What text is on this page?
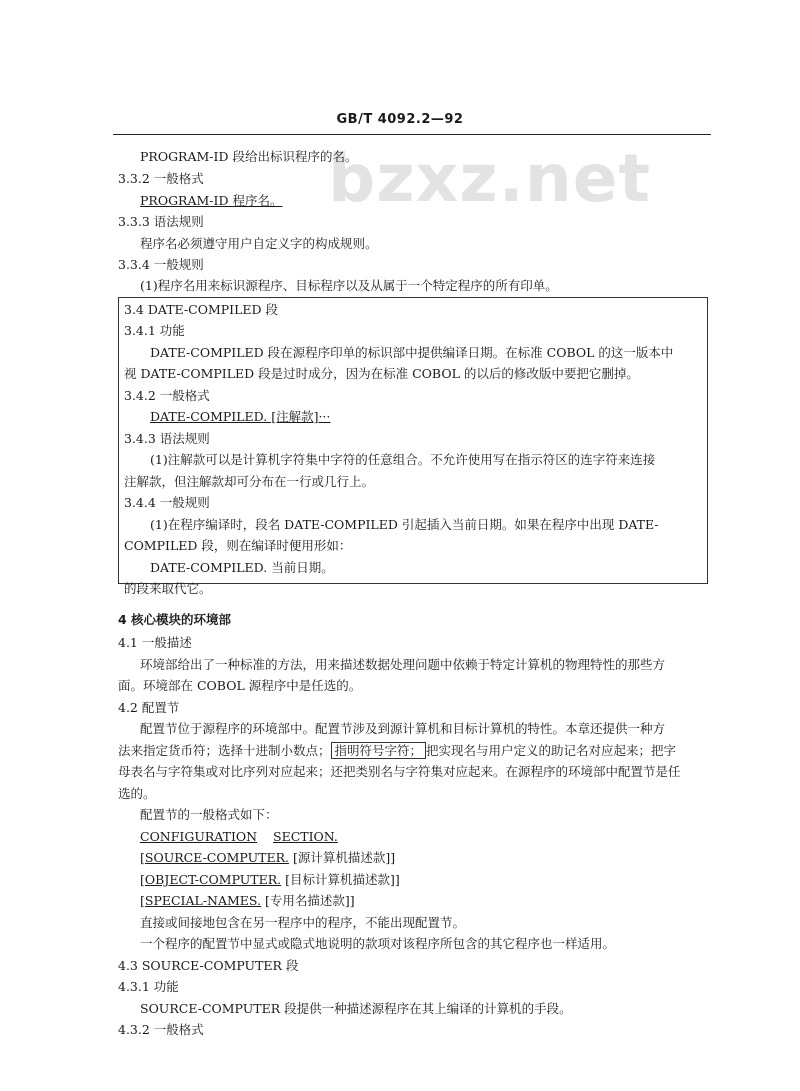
GB/T 4092.2—92
bzxz.net
PROGRAM-ID 段给出标识程序的名。
3.3.2 一般格式
PROGRAM-ID 程序名。
3.3.3 语法规则
程序名必须遵守用户自定义字的构成规则。
3.3.4 一般规则
(1)程序名用来标识源程序、目标程序以及从属于一个特定程序的所有印单。
3.4 DATE-COMPILED 段
3.4.1 功能
DATE-COMPILED 段在源程序印单的标识部中提供编译日期。在标准 COBOL 的这一版本中
视 DATE-COMPILED 段是过时成分，因为在标准 COBOL 的以后的修改版中要把它删掉。
3.4.2 一般格式
DATE-COMPILED. [注解款]···
3.4.3 语法规则
(1)注解款可以是计算机字符集中字符的任意组合。不允许使用写在指示符区的连字符来连接
注解款，但注解款却可分布在一行或几行上。
3.4.4 一般规则
(1)在程序编译时，段名 DATE-COMPILED 引起插入当前日期。如果在程序中出现 DATE-
COMPILED 段，则在编译时便用形如：
DATE-COMPILED. 当前日期。
的段来取代它。
4 核心模块的环境部
4.1 一般描述
环境部给出了一种标准的方法，用来描述数据处理问题中依赖于特定计算机的物理特性的那些方
面。环境部在 COBOL 源程序中是任选的。
4.2 配置节
配置节位于源程序的环境部中。配置节涉及到源计算机和目标计算机的特性。本章还提供一种方
法来指定货币符；选择十进制小数点； 指明符号字符； 把实现名与用户定义的助记名对应起来；把字
母表名与字符集或对比序列对应起来；还把类别名与字符集对应起来。在源程序的环境部中配置节是任
选的。
配置节的一般格式如下：
CONFIGURATION SECTION.
[SOURCE-COMPUTER. [源计算机描述款]]
[OBJECT-COMPUTER. [目标计算机描述款]]
[SPECIAL-NAMES. [专用名描述款]]
直接或间接地包含在另一程序中的程序，不能出现配置节。
一个程序的配置节中显式或隐式地说明的款项对该程序所包含的其它程序也一样适用。
4.3 SOURCE-COMPUTER 段
4.3.1 功能
SOURCE-COMPUTER 段提供一种描述源程序在其上编译的计算机的手段。
4.3.2 一般格式
